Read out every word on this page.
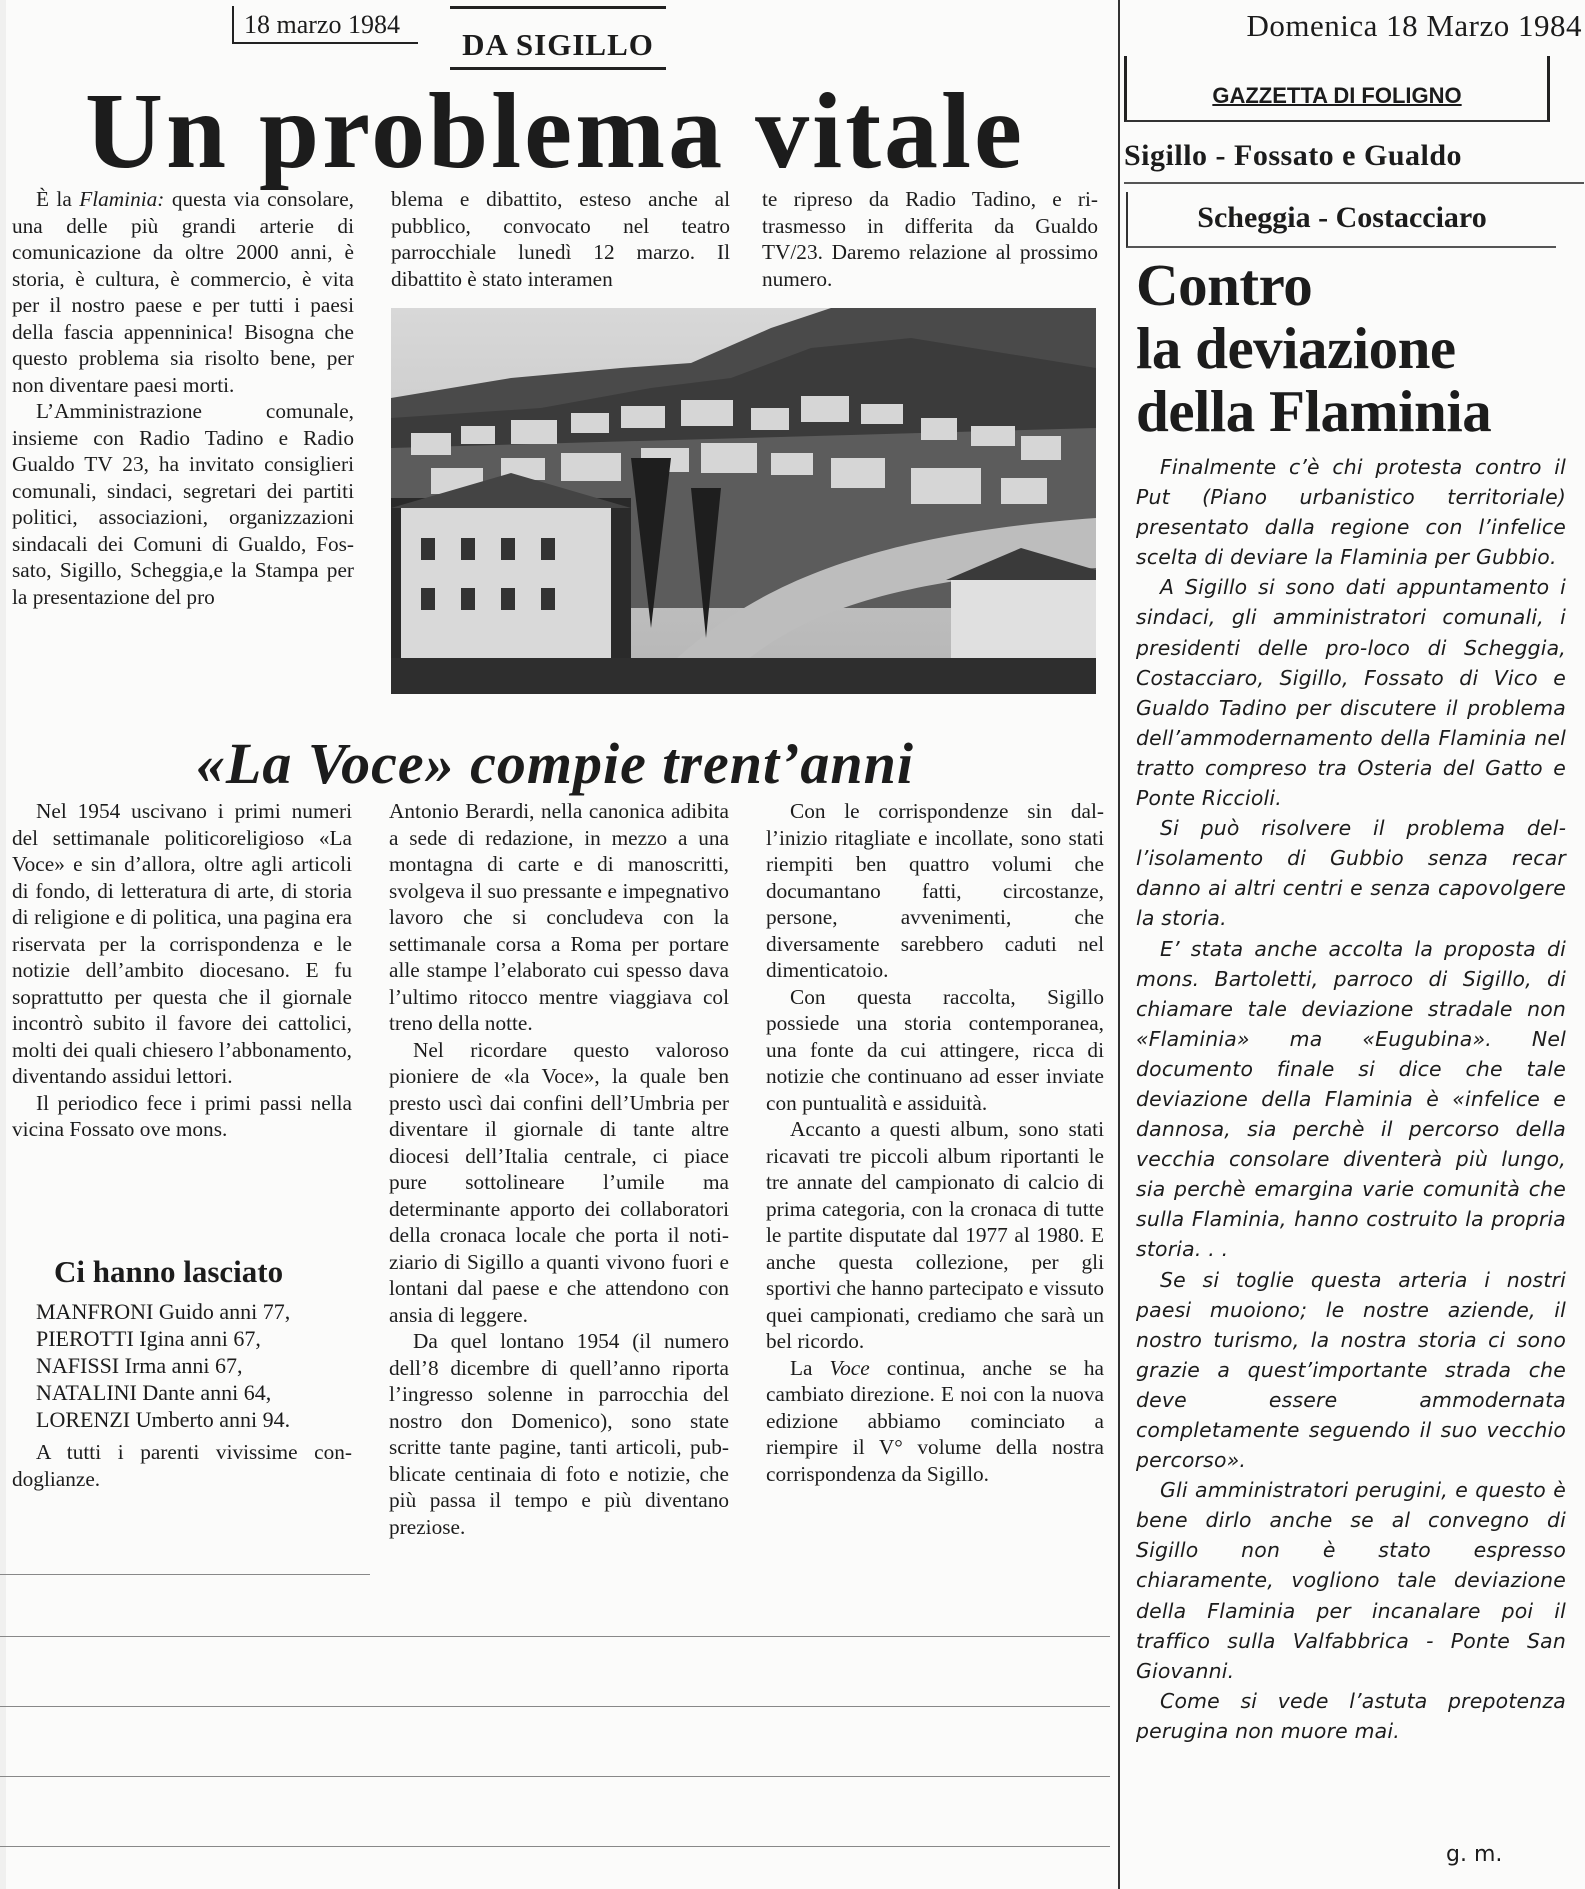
18 marzo 1984
DA SIGILLO
Un problema vitale

È la Flaminia: questa via consolare, una delle più grandi arterie di comunicazione da oltre 2000 anni, è storia, è cultura, è commercio, è vita per il nostro paese e per tutti i paesi della fascia appenninica! Bisogna che questo problema sia risolto bene, per non diventare paesi morti.

L’Amministrazione comunale, insieme con Radio Tadino e Radio Gualdo TV 23, ha invitato consiglieri comunali, sindaci, segretari dei partiti politici, associazioni, organizzazioni sindacali dei Comuni di Gualdo, Fossato, Sigillo, Scheggia,e la Stampa per la presentazione del pro

blema e dibattito, esteso anche al pubblico, convocato nel teatro parrocchiale lunedì 12 marzo. Il dibattito è stato interamen

te ripreso da Radio Tadino, e ritrasmesso in differita da Gualdo TV/23. Daremo relazione al prossimo numero.

«La Voce» compie trent’anni

Nel 1954 uscivano i primi numeri del settimanale politicoreligioso «La Voce» e sin d’allora, oltre agli articoli di fondo, di letteratura di arte, di storia di religione e di politica, una pagina era riservata per la corrispondenza e le notizie dell’ambito diocesano. E fu soprattutto per questa che il giornale incontrò subito il favore dei cattolici, molti dei quali chiesero l’abbonamento, diventando assidui lettori.

Il periodico fece i primi passi nella vicina Fossato ove mons.

Ci hanno lasciato
MANFRONI Guido anni 77,
PIEROTTI Igina anni 67,
NAFISSI Irma anni 67,
NATALINI Dante anni 64,
LORENZI Umberto anni 94.

A tutti i parenti vivissime condoglianze.

Antonio Berardi, nella canonica adibita a sede di redazione, in mezzo a una montagna di carte e di manoscritti, svolgeva il suo pressante e impegnativo lavoro che si concludeva con la settimanale corsa a Roma per portare alle stampe l’elaborato cui spesso dava l’ultimo ritocco mentre viaggiava col treno della notte.

Nel ricordare questo valoroso pioniere de «la Voce», la quale ben presto uscì dai confini dell’Umbria per diventare il giornale di tante altre diocesi dell’Italia centrale, ci piace pure sottolineare l’umile ma determinante apporto dei collaboratori della cronaca locale che porta il notiziario di Sigillo a quanti vivono fuori e lontani dal paese e che attendono con ansia di leggere.

Da quel lontano 1954 (il numero dell’8 dicembre di quell’anno riporta l’ingresso solenne in parrocchia del nostro don Domenico), sono state scritte tante pagine, tanti articoli, pubblicate centinaia di foto e notizie, che più passa il tempo e più diventano preziose.

Con le corrispondenze sin dall’inizio ritagliate e incollate, sono stati riempiti ben quattro volumi che documantano fatti, circostanze, persone, avvenimenti, che diversamente sarebbero caduti nel dimenticatoio.

Con questa raccolta, Sigillo possiede una storia contemporanea, una fonte da cui attingere, ricca di notizie che continuano ad esser inviate con puntualità e assiduità.

Accanto a questi album, sono stati ricavati tre piccoli album riportanti le tre annate del campionato di calcio di prima categoria, con la cronaca di tutte le partite disputate dal 1977 al 1980. E anche questa collezione, per gli sportivi che hanno partecipato e vissuto quei campionati, crediamo che sarà un bel ricordo.

La Voce continua, anche se ha cambiato direzione. E noi con la nuova edizione abbiamo cominciato a riempire il V° volume della nostra corrispondenza da Sigillo.

Domenica 18 Marzo 1984
GAZZETTA DI FOLIGNO
Sigillo - Fossato e Gualdo
Scheggia - Costacciaro
Contro
la deviazione
della Flaminia

Finalmente c’è chi protesta contro il Put (Piano urbanistico territoriale) presentato dalla regione con l’infelice scelta di deviare la Flaminia per Gubbio.

A Sigillo si sono dati appuntamento i sindaci, gli amministratori comunali, i presidenti delle pro-loco di Scheggia, Costacciaro, Sigillo, Fossato di Vico e Gualdo Tadino per discutere il problema dell’ammodernamento della Flaminia nel tratto compreso tra Osteria del Gatto e Ponte Riccioli.

Si può risolvere il problema dell’isolamento di Gubbio senza recar danno ai altri centri e senza capovolgere la storia.

E’ stata anche accolta la proposta di mons. Bartoletti, parroco di Sigillo, di chiamare tale deviazione stradale non «Flaminia» ma «Eugubina». Nel documento finale si dice che tale deviazione della Flaminia è «infelice e dannosa, sia perchè il percorso della vecchia consolare diventerà più lungo, sia perchè emargina varie comunità che sulla Flaminia, hanno costruito la propria storia. . .

Se si toglie questa arteria i nostri paesi muoiono; le nostre aziende, il nostro turismo, la nostra storia ci sono grazie a quest’importante strada che deve essere ammodernata completamente seguendo il suo vecchio percorso».

Gli amministratori perugini, e questo è bene dirlo anche se al convegno di Sigillo non è stato espresso chiaramente, vogliono tale deviazione della Flaminia per incanalare poi il traffico sulla Valfabbrica - Ponte San Giovanni.

Come si vede l’astuta prepotenza perugina non muore mai.

g. m.
